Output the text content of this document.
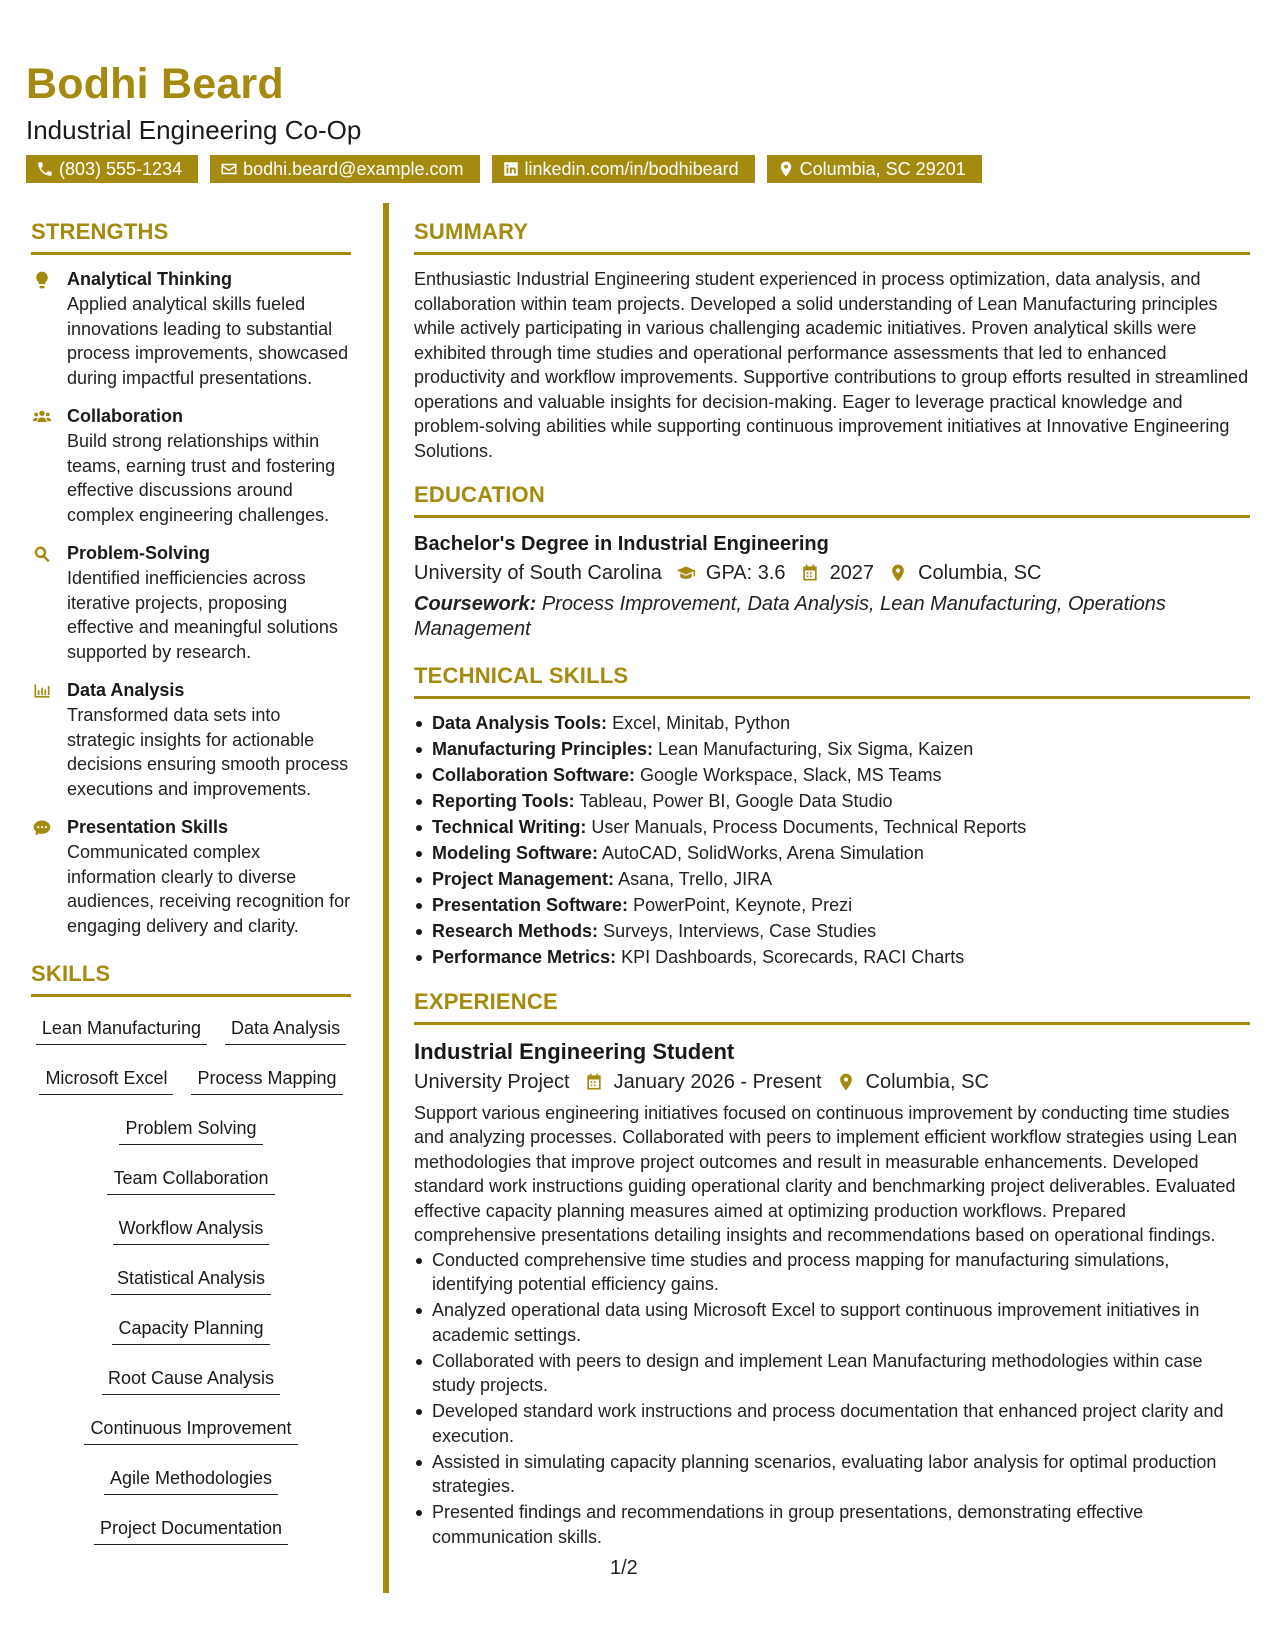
Bodhi Beard
Industrial Engineering Co-Op
(803) 555-1234	bodhi.beard@example.com	linkedin.com/in/bodhibeard	Columbia, SC 29201
STRENGTHS
Analytical Thinking
Applied analytical skills fueled innovations leading to substantial process improvements, showcased during impactful presentations.
Collaboration
Build strong relationships within teams, earning trust and fostering effective discussions around complex engineering challenges.
Problem-Solving
Identified inefficiencies across iterative projects, proposing effective and meaningful solutions supported by research.
Data Analysis
Transformed data sets into strategic insights for actionable decisions ensuring smooth process executions and improvements.
Presentation Skills
Communicated complex information clearly to diverse audiences, receiving recognition for engaging delivery and clarity.
SKILLS
Lean Manufacturing	Data Analysis
Microsoft Excel	Process Mapping
Problem Solving
Team Collaboration
Workflow Analysis
Statistical Analysis
Capacity Planning
Root Cause Analysis
Continuous Improvement
Agile Methodologies
Project Documentation
SUMMARY
Enthusiastic Industrial Engineering student experienced in process optimization, data analysis, and collaboration within team projects. Developed a solid understanding of Lean Manufacturing principles while actively participating in various challenging academic initiatives. Proven analytical skills were exhibited through time studies and operational performance assessments that led to enhanced productivity and workflow improvements. Supportive contributions to group efforts resulted in streamlined operations and valuable insights for decision-making. Eager to leverage practical knowledge and problem-solving abilities while supporting continuous improvement initiatives at Innovative Engineering Solutions.
EDUCATION
Bachelor's Degree in Industrial Engineering
University of South Carolina GPA: 3.6 2027 Columbia, SC
Coursework: Process Improvement, Data Analysis, Lean Manufacturing, Operations Management
TECHNICAL SKILLS
Data Analysis Tools: Excel, Minitab, Python
Manufacturing Principles: Lean Manufacturing, Six Sigma, Kaizen
Collaboration Software: Google Workspace, Slack, MS Teams
Reporting Tools: Tableau, Power BI, Google Data Studio
Technical Writing: User Manuals, Process Documents, Technical Reports
Modeling Software: AutoCAD, SolidWorks, Arena Simulation
Project Management: Asana, Trello, JIRA
Presentation Software: PowerPoint, Keynote, Prezi
Research Methods: Surveys, Interviews, Case Studies
Performance Metrics: KPI Dashboards, Scorecards, RACI Charts
EXPERIENCE
Industrial Engineering Student
University Project January 2026 - Present Columbia, SC
Support various engineering initiatives focused on continuous improvement by conducting time studies and analyzing processes. Collaborated with peers to implement efficient workflow strategies using Lean methodologies that improve project outcomes and result in measurable enhancements. Developed standard work instructions guiding operational clarity and benchmarking project deliverables. Evaluated effective capacity planning measures aimed at optimizing production workflows. Prepared comprehensive presentations detailing insights and recommendations based on operational findings.
Conducted comprehensive time studies and process mapping for manufacturing simulations, identifying potential efficiency gains.
Analyzed operational data using Microsoft Excel to support continuous improvement initiatives in academic settings.
Collaborated with peers to design and implement Lean Manufacturing methodologies within case study projects.
Developed standard work instructions and process documentation that enhanced project clarity and execution.
Assisted in simulating capacity planning scenarios, evaluating labor analysis for optimal production strategies.
Presented findings and recommendations in group presentations, demonstrating effective communication skills.
1/2
